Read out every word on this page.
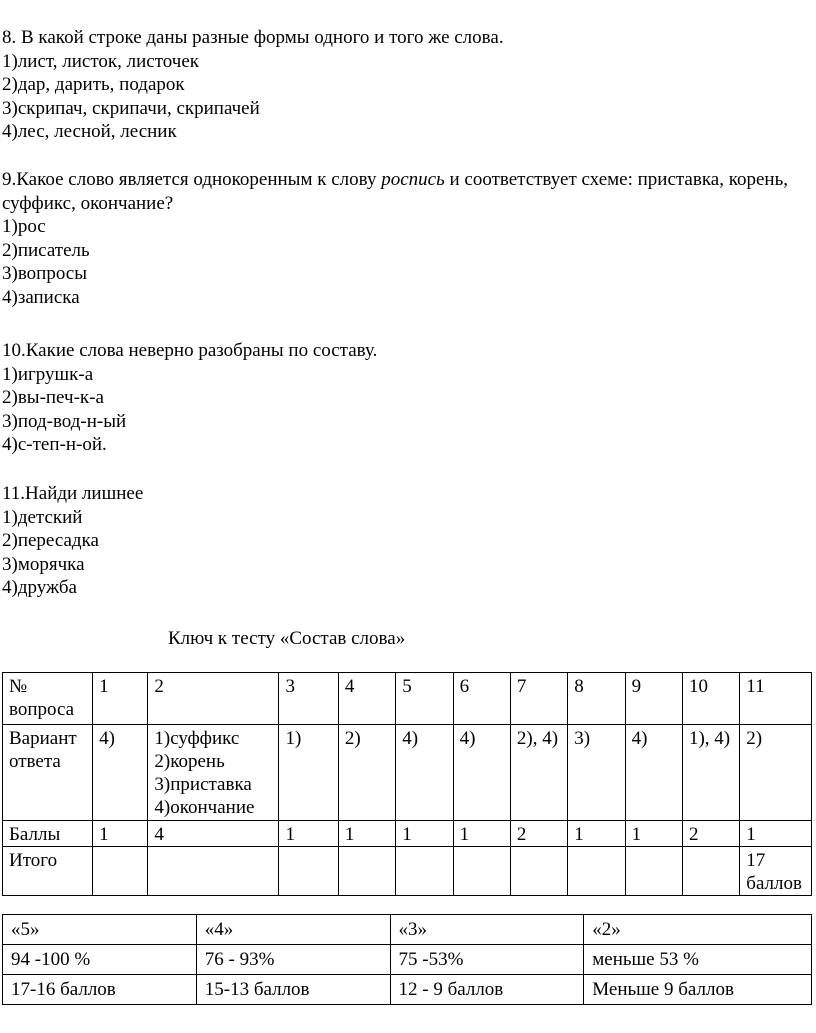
8. В какой строке даны разные формы одного и того же слова.
1)лист, листок, листочек
2)дар, дарить, подарок
3)скрипач, скрипачи, скрипачей
4)лес, лесной, лесник
9.Какое слово является однокоренным к слову роспись и соответствует схеме: приставка, корень, суффикс, окончание?
1)рос
2)писатель
3)вопросы
4)записка
10.Какие слова неверно разобраны по составу.
1)игрушк-а
2)вы-печ-к-а
3)под-вод-н-ый
4)с-теп-н-ой.
11.Найди лишнее
1)детский
2)пересадка
3)морячка
4)дружба
Ключ к тесту «Состав слова»
№ вопроса	1	2	3	4	5	6	7	8	9	10	11
Вариант ответа	4)	1)суффикс 2)корень 3)приставка 4)окончание	1)	2)	4)	4)	2), 4)	3)	4)	1), 4)	2)
Баллы	1	4	1	1	1	1	2	1	1	2	1
Итого											17 баллов
«5»	«4»	«3»	«2»
94 -100 %	76 - 93%	75 -53%	меньше 53 %
17-16 баллов	15-13 баллов	12 - 9 баллов	Меньше 9 баллов
